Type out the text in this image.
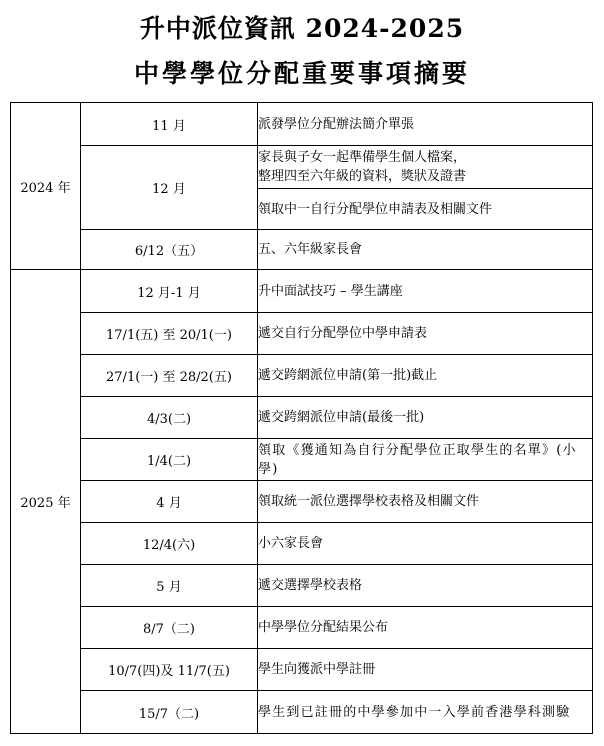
升中派位資訊 2024-2025
中學學位分配重要事項摘要
2024 年	11 月	派發學位分配辦法簡介單張
	12 月	家長與子女一起準備學生個人檔案，
整理四至六年級的資料，獎狀及證書
		領取中一自行分配學位申請表及相關文件
	6/12（五）	五、六年級家長會
2025 年	12 月-1 月	升中面試技巧 – 學生講座
	17/1(五) 至 20/1(一)	遞交自行分配學位中學申請表
	27/1(一) 至 28/2(五)	遞交跨網派位申請(第一批)截止
	4/3(二)	遞交跨網派位申請(最後一批)
	1/4(二)	領取《獲通知為自行分配學位正取學生的名單》(小學)
	4 月	領取統一派位選擇學校表格及相關文件
	12/4(六)	小六家長會
	5 月	遞交選擇學校表格
	8/7（二)	中學學位分配結果公布
	10/7(四)及 11/7(五)	學生向獲派中學註冊
	15/7（二)	學生到已註冊的中學參加中一入學前香港學科測驗
